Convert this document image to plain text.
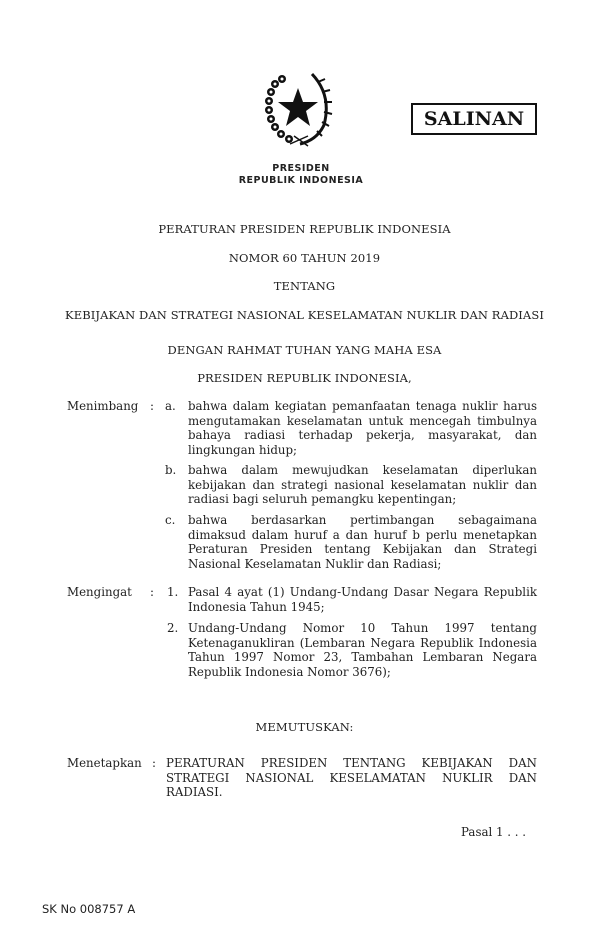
PRESIDEN
REPUBLIK INDONESIA
SALINAN
PERATURAN PRESIDEN REPUBLIK INDONESIA
NOMOR 60 TAHUN 2019
TENTANG
KEBIJAKAN DAN STRATEGI NASIONAL KESELAMATAN NUKLIR DAN RADIASI
DENGAN RAHMAT TUHAN YANG MAHA ESA
PRESIDEN REPUBLIK INDONESIA,
Menimbang : a. bahwa dalam kegiatan pemanfaatan tenaga nuklir harus mengutamakan keselamatan untuk mencegah timbulnya bahaya radiasi terhadap pekerja, masyarakat, dan lingkungan hidup;
b. bahwa dalam mewujudkan keselamatan diperlukan kebijakan dan strategi nasional keselamatan nuklir dan radiasi bagi seluruh pemangku kepentingan;
c. bahwa berdasarkan pertimbangan sebagaimana dimaksud dalam huruf a dan huruf b perlu menetapkan Peraturan Presiden tentang Kebijakan dan Strategi Nasional Keselamatan Nuklir dan Radiasi;
Mengingat : 1. Pasal 4 ayat (1) Undang-Undang Dasar Negara Republik Indonesia Tahun 1945;
2. Undang-Undang Nomor 10 Tahun 1997 tentang Ketenaganukliran (Lembaran Negara Republik Indonesia Tahun 1997 Nomor 23, Tambahan Lembaran Negara Republik Indonesia Nomor 3676);
MEMUTUSKAN:
Menetapkan : PERATURAN PRESIDEN TENTANG KEBIJAKAN DAN STRATEGI NASIONAL KESELAMATAN NUKLIR DAN RADIASI.
Pasal 1 . . .
SK No 008757 A
